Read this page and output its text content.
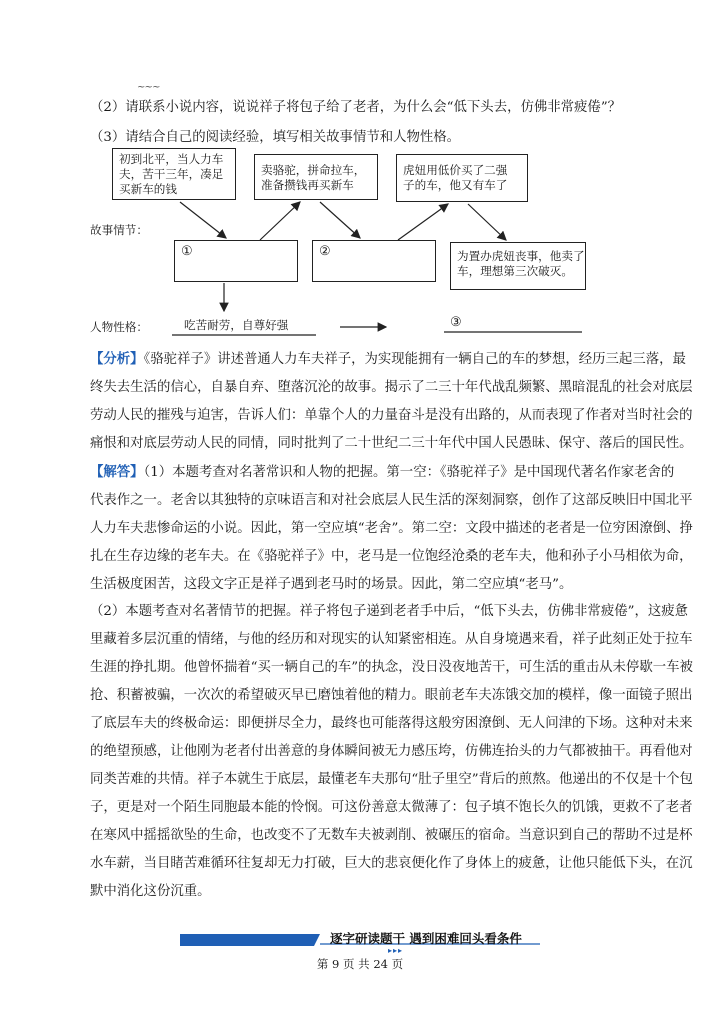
~ ~ ~
（2）请联系小说内容，说说祥子将包子给了老者，为什么会“低下头去，仿佛非常疲倦”？
（3）请结合自己的阅读经验，填写相关故事情节和人物性格。
初到北平，当人力车
夫，苦干三年，凑足
买新车的钱
卖骆驼，拼命拉车，
准备攒钱再买新车
虎妞用低价买了二强
子的车，他又有车了
故事情节：
①	②	为置办虎妞丧事，他卖了
车，理想第三次破灭。
人物性格：	吃苦耐劳，自尊好强	③
【分析】《骆驼祥子》讲述普通人力车夫祥子，为实现能拥有一辆自己的车的梦想，经历三起三落，最
终失去生活的信心，自暴自弃、堕落沉沦的故事。揭示了二三十年代战乱频繁、黑暗混乱的社会对底层
劳动人民的摧残与迫害，告诉人们：单靠个人的力量奋斗是没有出路的，从而表现了作者对当时社会的
痛恨和对底层劳动人民的同情，同时批判了二十世纪二三十年代中国人民愚昧、保守、落后的国民性。
【解答】（1）本题考查对名著常识和人物的把握。第一空：《骆驼祥子》是中国现代著名作家老舍的
代表作之一。老舍以其独特的京味语言和对社会底层人民生活的深刻洞察，创作了这部反映旧中国北平
人力车夫悲惨命运的小说。因此，第一空应填“老舍”。第二空：文段中描述的老者是一位穷困潦倒、挣
扎在生存边缘的老车夫。在《骆驼祥子》中，老马是一位饱经沧桑的老车夫，他和孙子小马相依为命，
生活极度困苦，这段文字正是祥子遇到老马时的场景。因此，第二空应填“老马”。
（2）本题考查对名著情节的把握。祥子将包子递到老者手中后，“低下头去，仿佛非常疲倦”，这疲惫
里藏着多层沉重的情绪，与他的经历和对现实的认知紧密相连。从自身境遇来看，祥子此刻正处于拉车
生涯的挣扎期。他曾怀揣着“买一辆自己的车”的执念，没日没夜地苦干，可生活的重击从未停歇一车被
抢、积蓄被骗，一次次的希望破灭早已磨蚀着他的精力。眼前老车夫冻饿交加的模样，像一面镜子照出
了底层车夫的终极命运：即便拼尽全力，最终也可能落得这般穷困潦倒、无人问津的下场。这种对未来
的绝望预感，让他刚为老者付出善意的身体瞬间被无力感压垮，仿佛连抬头的力气都被抽干。再看他对
同类苦难的共情。祥子本就生于底层，最懂老车夫那句“肚子里空”背后的煎熬。他递出的不仅是十个包
子，更是对一个陌生同胞最本能的怜悯。可这份善意太微薄了：包子填不饱长久的饥饿，更救不了老者
在寒风中摇摇欲坠的生命，也改变不了无数车夫被剥削、被碾压的宿命。当意识到自己的帮助不过是杯
水车薪，当目睹苦难循环往复却无力打破，巨大的悲哀便化作了身体上的疲惫，让他只能低下头，在沉
默中消化这份沉重。
逐字研读题干 遇到困难回头看条件
▸▸▸
第 9 页 共 24 页
